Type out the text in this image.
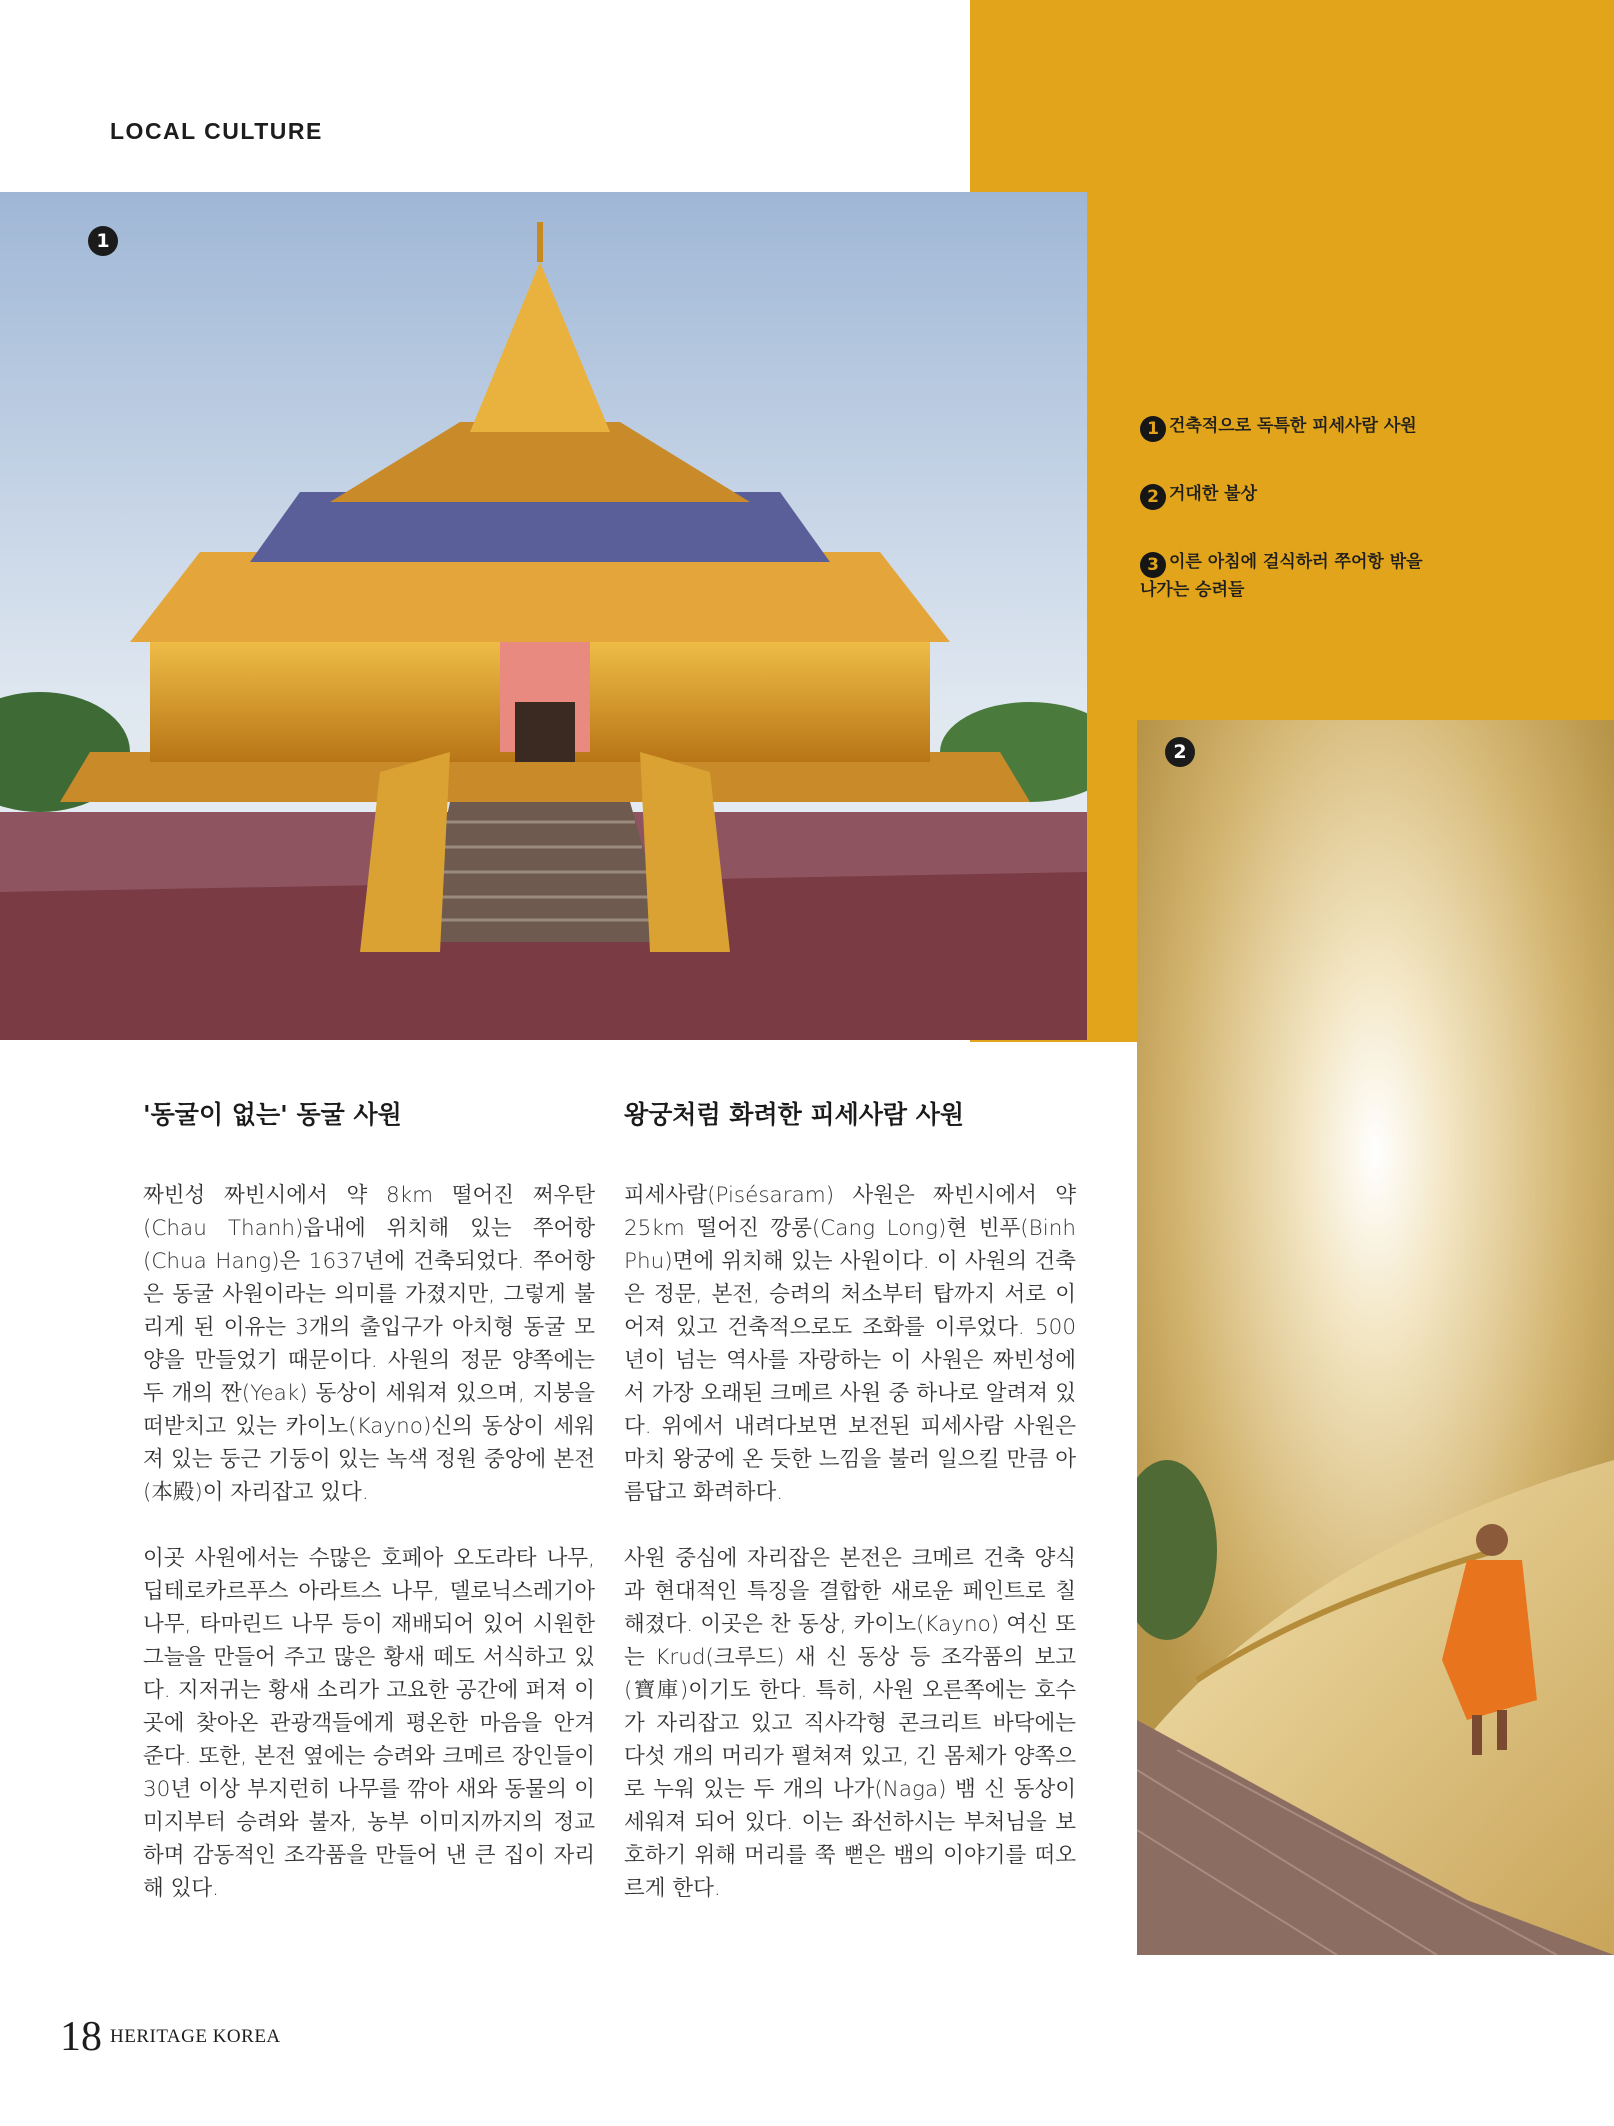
LOCAL CULTURE
1
2
1 건축적으로 독특한 피세사람 사원
2 거대한 불상
3 이른 아침에 걸식하러 쭈어항 밖을 나가는 승려들
'동굴이 없는' 동굴 사원

짜빈성 짜빈시에서 약 8km 떨어진 쩌우탄(Chau Thanh)읍내에 위치해 있는 쭈어항(Chua Hang)은 1637년에 건축되었다. 쭈어항은 동굴 사원이라는 의미를 가졌지만, 그렇게 불리게 된 이유는 3개의 출입구가 아치형 동굴 모양을 만들었기 때문이다. 사원의 정문 양쪽에는 두 개의 짠(Yeak) 동상이 세워져 있으며, 지붕을 떠받치고 있는 카이노(Kayno)신의 동상이 세워져 있는 둥근 기둥이 있는 녹색 정원 중앙에 본전(本殿)이 자리잡고 있다.

이곳 사원에서는 수많은 호페아 오도라타 나무, 딥테로카르푸스 아라트스 나무, 델로닉스레기아 나무, 타마린드 나무 등이 재배되어 있어 시원한 그늘을 만들어 주고 많은 황새 떼도 서식하고 있다. 지저귀는 황새 소리가 고요한 공간에 퍼져 이곳에 찾아온 관광객들에게 평온한 마음을 안겨 준다. 또한, 본전 옆에는 승려와 크메르 장인들이 30년 이상 부지런히 나무를 깎아 새와 동물의 이미지부터 승려와 불자, 농부 이미지까지의 정교하며 감동적인 조각품을 만들어 낸 큰 집이 자리해 있다.

왕궁처럼 화려한 피세사람 사원

피세사람(Pisésaram) 사원은 짜빈시에서 약 25km 떨어진 깡롱(Cang Long)현 빈푸(Binh Phu)면에 위치해 있는 사원이다. 이 사원의 건축은 정문, 본전, 승려의 처소부터 탑까지 서로 이어져 있고 건축적으로도 조화를 이루었다. 500년이 넘는 역사를 자랑하는 이 사원은 짜빈성에서 가장 오래된 크메르 사원 중 하나로 알려져 있다. 위에서 내려다보면 보전된 피세사람 사원은 마치 왕궁에 온 듯한 느낌을 불러 일으킬 만큼 아름답고 화려하다.

사원 중심에 자리잡은 본전은 크메르 건축 양식과 현대적인 특징을 결합한 새로운 페인트로 칠해졌다. 이곳은 찬 동상, 카이노(Kayno) 여신 또는 Krud(크루드) 새 신 동상 등 조각품의 보고(寶庫)이기도 한다. 특히, 사원 오른쪽에는 호수가 자리잡고 있고 직사각형 콘크리트 바닥에는 다섯 개의 머리가 펼쳐져 있고, 긴 몸체가 양쪽으로 누워 있는 두 개의 나가(Naga) 뱀 신 동상이 세워져 되어 있다. 이는 좌선하시는 부처님을 보호하기 위해 머리를 쭉 뻗은 뱀의 이야기를 떠오르게 한다.

18 HERITAGE KOREA
